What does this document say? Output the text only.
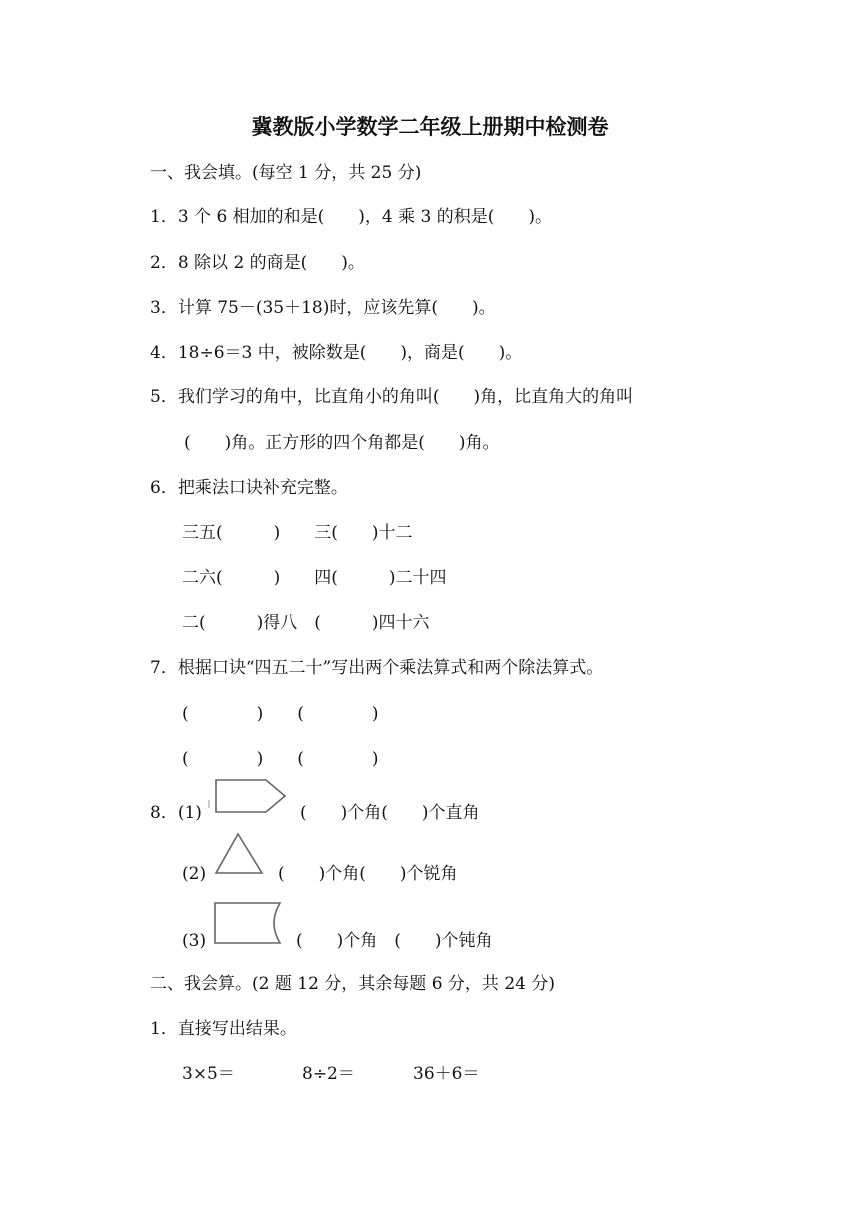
冀教版小学数学二年级上册期中检测卷
一、我会填。(每空 1 分，共 25 分)
1．3 个 6 相加的和是(　　)，4 乘 3 的积是(　　)。
2．8 除以 2 的商是(　　)。
3．计算 75－(35＋18)时，应该先算(　　)。
4．18÷6＝3 中，被除数是(　　)，商是(　　)。
5．我们学习的角中，比直角小的角叫(　　)角，比直角大的角叫
(　　)角。正方形的四个角都是(　　)角。
6．把乘法口诀补充完整。
三五(　　　)　　三(　　)十二
二六(　　　)　　四(　　　)二十四
二(　　　)得八　(　　　)四十六
7．根据口诀“四五二十”写出两个乘法算式和两个除法算式。
(　　　　)　　(　　　　)
(　　　　)　　(　　　　)
8．(1)	(　　)个角(　　)个直角
(2)	(　　)个角(　　)个锐角
(3)	(　　)个角　(　　)个钝角
二、我会算。(2 题 12 分，其余每题 6 分，共 24 分)
1．直接写出结果。
3×5＝	8÷2＝	36＋6＝
